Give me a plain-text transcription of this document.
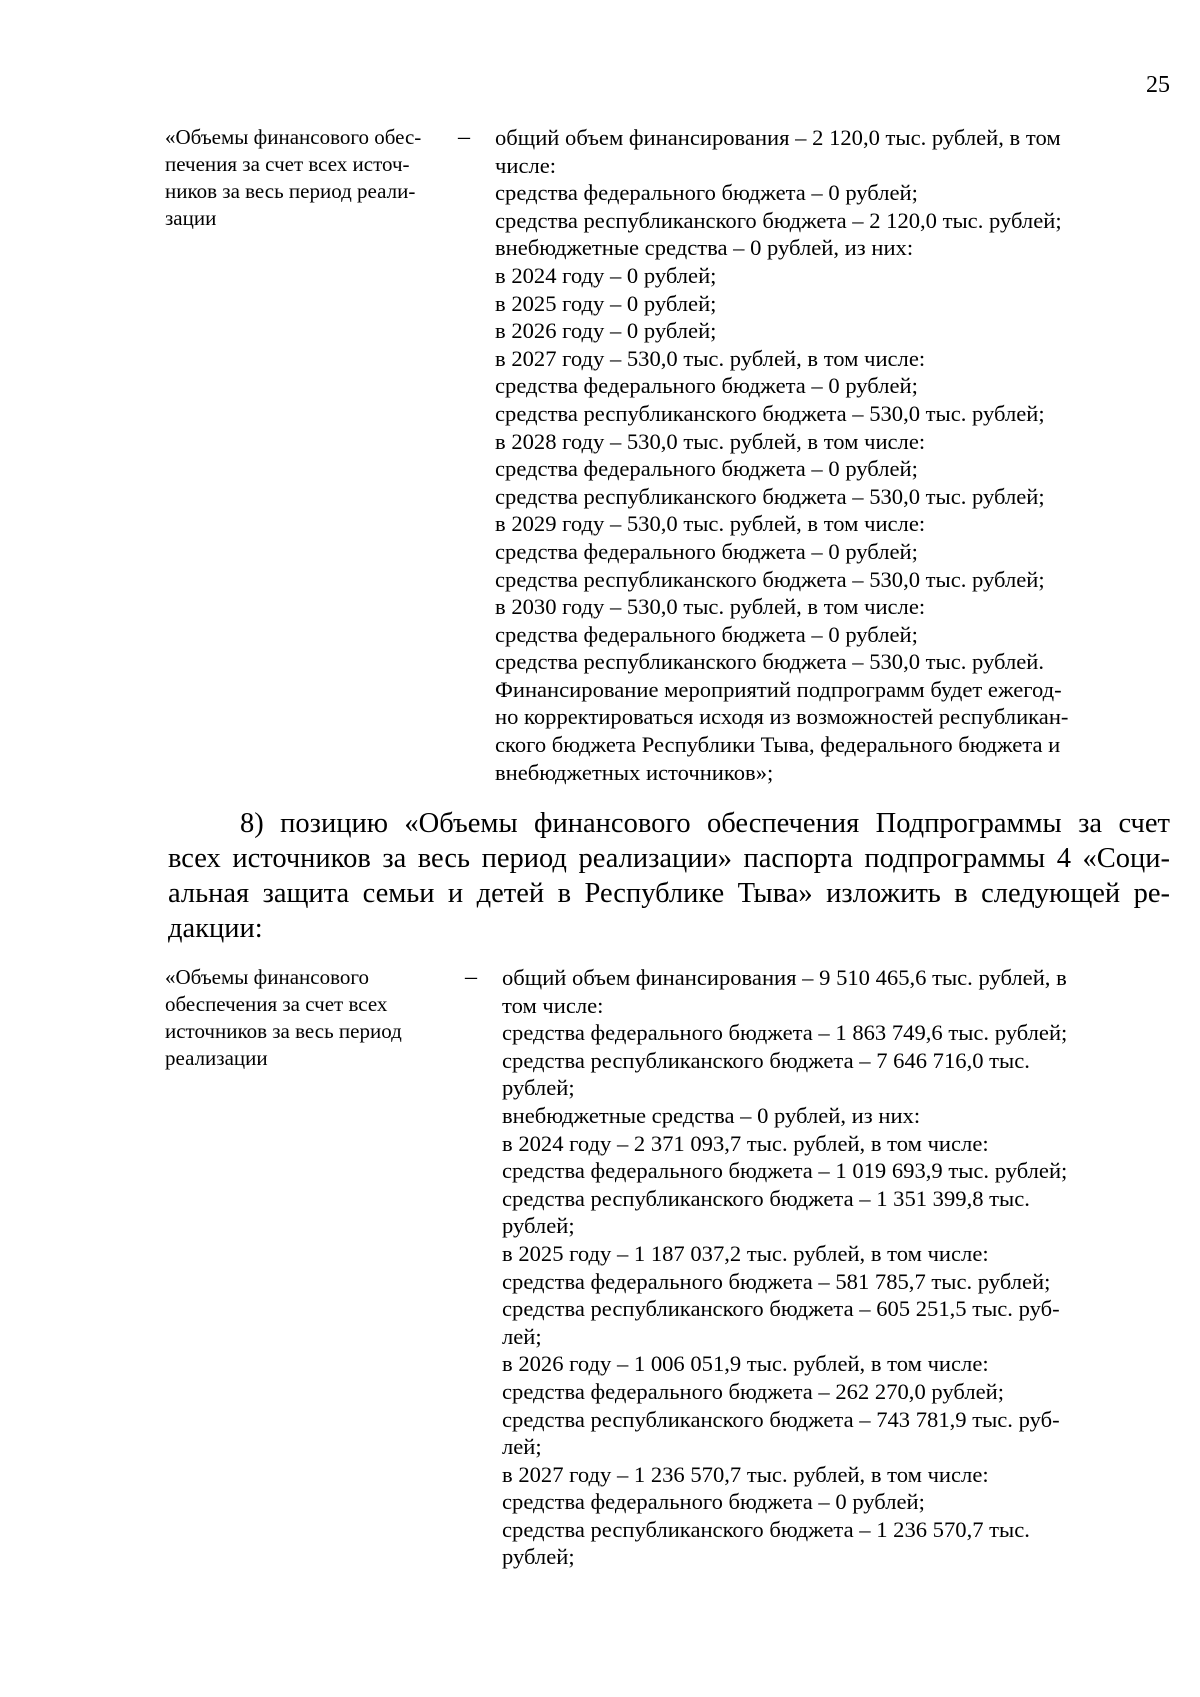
25
«Объемы финансового обес-
печения за счет всех источ-
ников за весь период реали-
зации
–	общий объем финансирования – 2 120,0 тыс. рублей, в том
числе:
средства федерального бюджета – 0 рублей;
средства республиканского бюджета – 2 120,0 тыс. рублей;
внебюджетные средства – 0 рублей, из них:
в 2024 году – 0 рублей;
в 2025 году – 0 рублей;
в 2026 году – 0 рублей;
в 2027 году – 530,0 тыс. рублей, в том числе:
средства федерального бюджета – 0 рублей;
средства республиканского бюджета – 530,0 тыс. рублей;
в 2028 году – 530,0 тыс. рублей, в том числе:
средства федерального бюджета – 0 рублей;
средства республиканского бюджета – 530,0 тыс. рублей;
в 2029 году – 530,0 тыс. рублей, в том числе:
средства федерального бюджета – 0 рублей;
средства республиканского бюджета – 530,0 тыс. рублей;
в 2030 году – 530,0 тыс. рублей, в том числе:
средства федерального бюджета – 0 рублей;
средства республиканского бюджета – 530,0 тыс. рублей.
Финансирование мероприятий подпрограмм будет ежегод-
но корректироваться исходя из возможностей республикан-
ского бюджета Республики Тыва, федерального бюджета и
внебюджетных источников»;
8) позицию «Объемы финансового обеспечения Подпрограммы за счет
всех источников за весь период реализации» паспорта подпрограммы 4 «Соци-
альная защита семьи и детей в Республике Тыва» изложить в следующей ре-
дакции:
«Объемы финансового
обеспечения за счет всех
источников за весь период
реализации
–	общий объем финансирования – 9 510 465,6 тыс. рублей, в
том числе:
средства федерального бюджета – 1 863 749,6 тыс. рублей;
средства республиканского бюджета – 7 646 716,0 тыс.
рублей;
внебюджетные средства – 0 рублей, из них:
в 2024 году – 2 371 093,7 тыс. рублей, в том числе:
средства федерального бюджета – 1 019 693,9 тыс. рублей;
средства республиканского бюджета – 1 351 399,8 тыс.
рублей;
в 2025 году – 1 187 037,2 тыс. рублей, в том числе:
средства федерального бюджета – 581 785,7 тыс. рублей;
средства республиканского бюджета – 605 251,5 тыс. руб-
лей;
в 2026 году – 1 006 051,9 тыс. рублей, в том числе:
средства федерального бюджета – 262 270,0 рублей;
средства республиканского бюджета – 743 781,9 тыс. руб-
лей;
в 2027 году – 1 236 570,7 тыс. рублей, в том числе:
средства федерального бюджета – 0 рублей;
средства республиканского бюджета – 1 236 570,7 тыс.
рублей;
